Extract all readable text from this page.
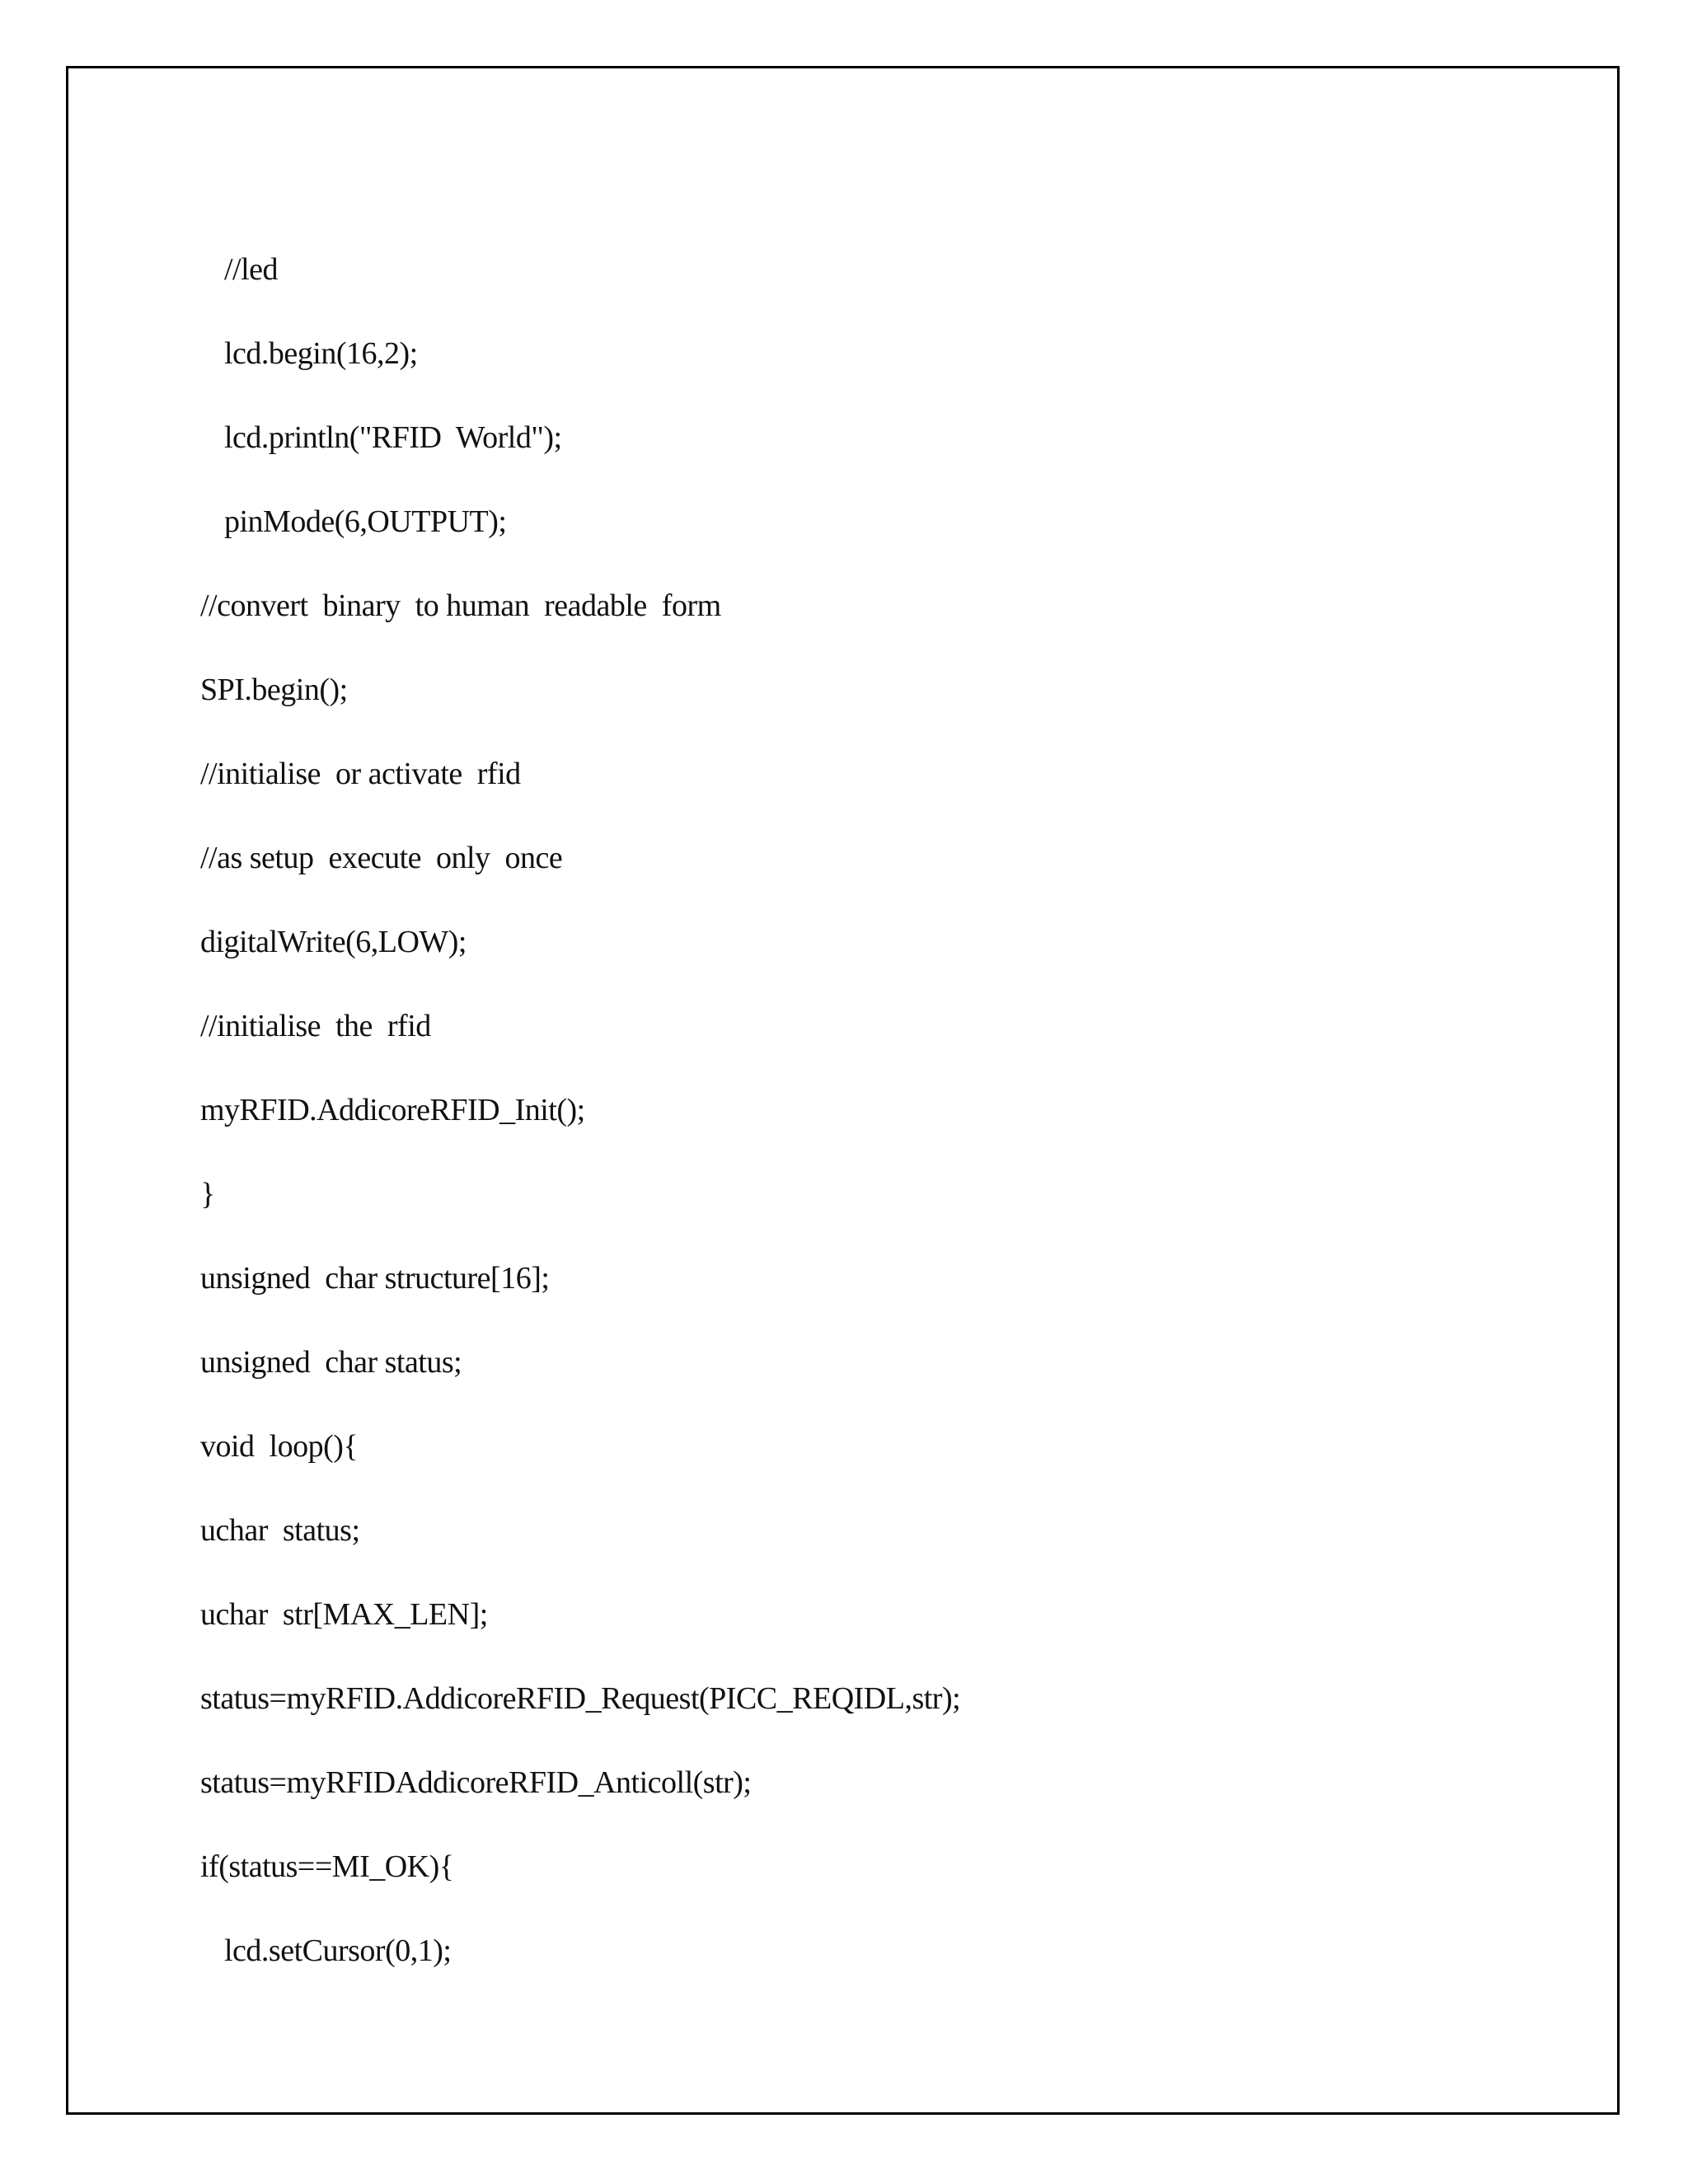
//led
lcd.begin(16,2);
lcd.println("RFID  World");
pinMode(6,OUTPUT);
//convert  binary  to human  readable  form
SPI.begin();
//initialise  or activate  rfid
//as setup  execute  only  once
digitalWrite(6,LOW);
//initialise  the  rfid
myRFID.AddicoreRFID_Init();
}
unsigned  char structure[16];
unsigned  char status;
void  loop(){
uchar  status;
uchar  str[MAX_LEN];
status=myRFID.AddicoreRFID_Request(PICC_REQIDL,str);
status=myRFIDAddicoreRFID_Anticoll(str);
if(status==MI_OK){
lcd.setCursor(0,1);
